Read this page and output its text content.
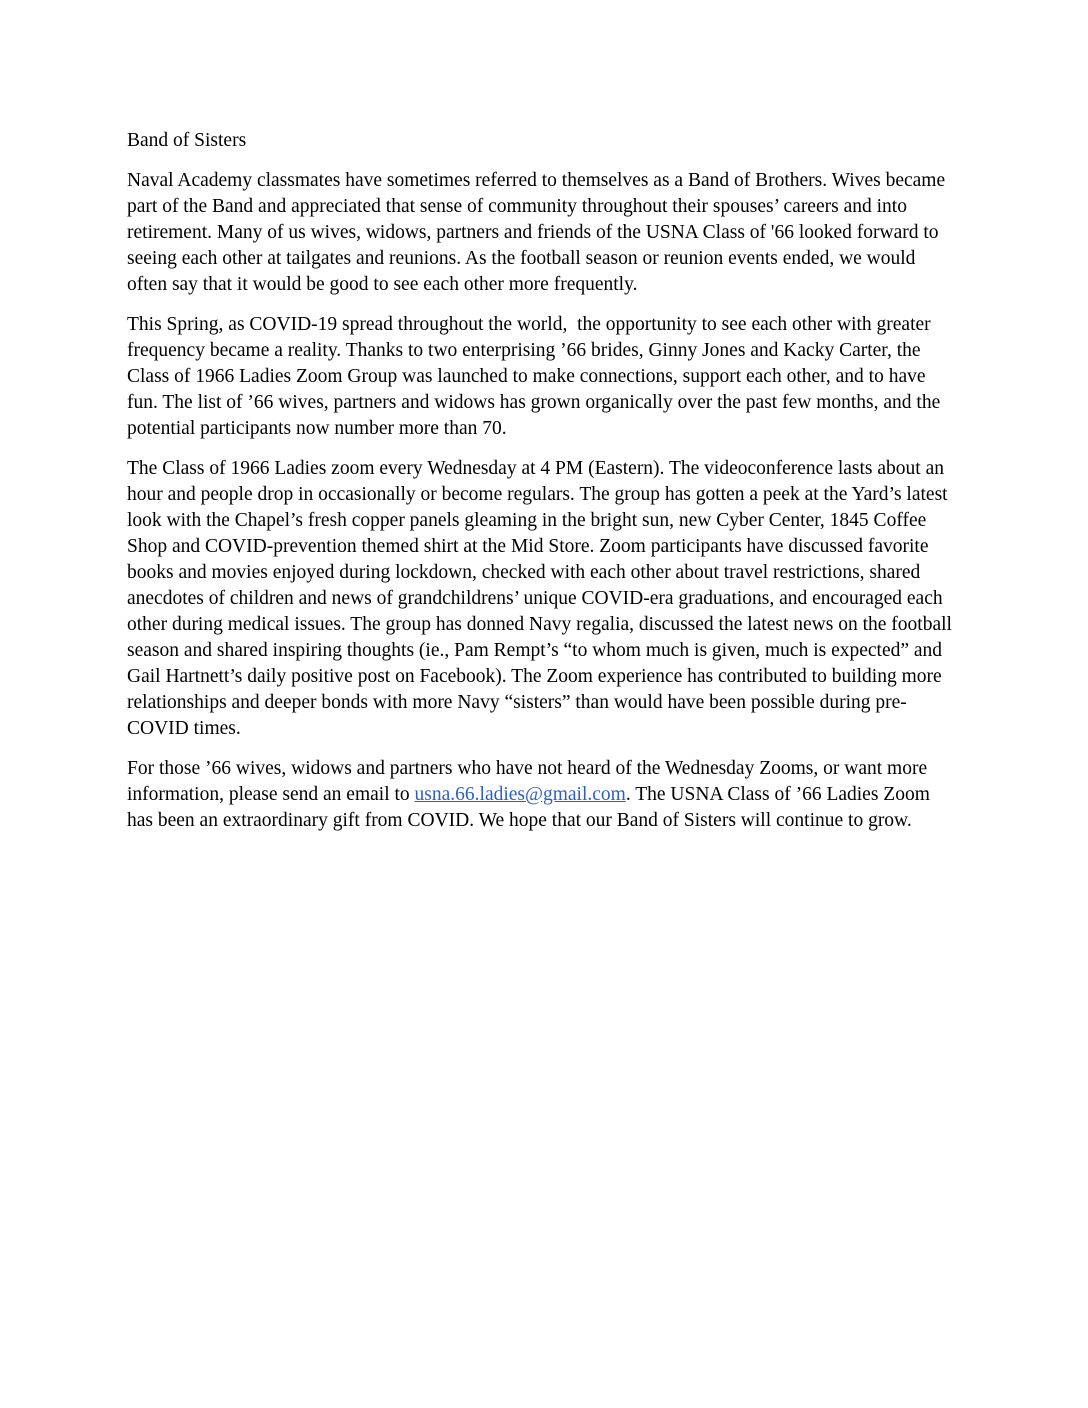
Band of Sisters

Naval Academy classmates have sometimes referred to themselves as a Band of Brothers. Wives became part of the Band and appreciated that sense of community throughout their spouses’ careers and into retirement. Many of us wives, widows, partners and friends of the USNA Class of '66 looked forward to seeing each other at tailgates and reunions. As the football season or reunion events ended, we would often say that it would be good to see each other more frequently.

This Spring, as COVID-19 spread throughout the world,  the opportunity to see each other with greater frequency became a reality. Thanks to two enterprising ’66 brides, Ginny Jones and Kacky Carter, the Class of 1966 Ladies Zoom Group was launched to make connections, support each other, and to have fun. The list of ’66 wives, partners and widows has grown organically over the past few months, and the potential participants now number more than 70.

The Class of 1966 Ladies zoom every Wednesday at 4 PM (Eastern). The videoconference lasts about an hour and people drop in occasionally or become regulars. The group has gotten a peek at the Yard’s latest look with the Chapel’s fresh copper panels gleaming in the bright sun, new Cyber Center, 1845 Coffee Shop and COVID-prevention themed shirt at the Mid Store. Zoom participants have discussed favorite books and movies enjoyed during lockdown, checked with each other about travel restrictions, shared anecdotes of children and news of grandchildrens’ unique COVID-era graduations, and encouraged each other during medical issues. The group has donned Navy regalia, discussed the latest news on the football season and shared inspiring thoughts (ie., Pam Rempt’s “to whom much is given, much is expected” and Gail Hartnett’s daily positive post on Facebook). The Zoom experience has contributed to building more relationships and deeper bonds with more Navy “sisters” than would have been possible during pre-COVID times.

For those ’66 wives, widows and partners who have not heard of the Wednesday Zooms, or want more information, please send an email to usna.66.ladies@gmail.com. The USNA Class of ’66 Ladies Zoom has been an extraordinary gift from COVID. We hope that our Band of Sisters will continue to grow.
